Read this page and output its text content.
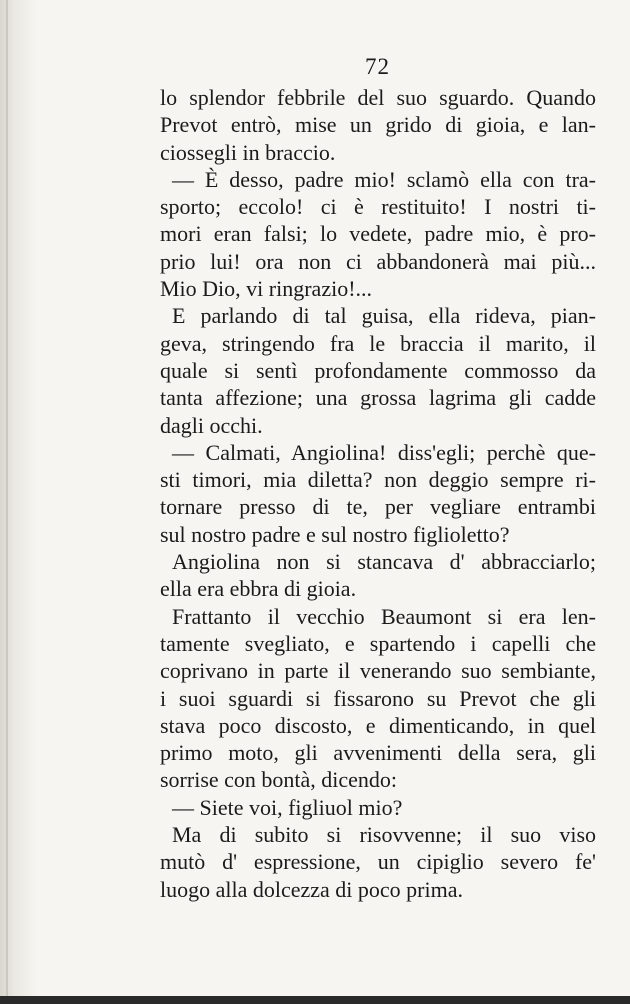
72
lo splendor febbrile del suo sguardo. Quando
Prevot entrò, mise un grido di gioia, e lan-
ciossegli in braccio.
— È desso, padre mio! sclamò ella con tra-
sporto; eccolo! ci è restituito! I nostri ti-
mori eran falsi; lo vedete, padre mio, è pro-
prio lui! ora non ci abbandonerà mai più...
Mio Dio, vi ringrazio!...
E parlando di tal guisa, ella rideva, pian-
geva, stringendo fra le braccia il marito, il
quale si sentì profondamente commosso da
tanta affezione; una grossa lagrima gli cadde
dagli occhi.
— Calmati, Angiolina! diss'egli; perchè que-
sti timori, mia diletta? non deggio sempre ri-
tornare presso di te, per vegliare entrambi
sul nostro padre e sul nostro figlioletto?
Angiolina non si stancava d' abbracciarlo;
ella era ebbra di gioia.
Frattanto il vecchio Beaumont si era len-
tamente svegliato, e spartendo i capelli che
coprivano in parte il venerando suo sembiante,
i suoi sguardi si fissarono su Prevot che gli
stava poco discosto, e dimenticando, in quel
primo moto, gli avvenimenti della sera, gli
sorrise con bontà, dicendo:
— Siete voi, figliuol mio?
Ma di subito si risovvenne; il suo viso
mutò d' espressione, un cipiglio severo fe'
luogo alla dolcezza di poco prima.
